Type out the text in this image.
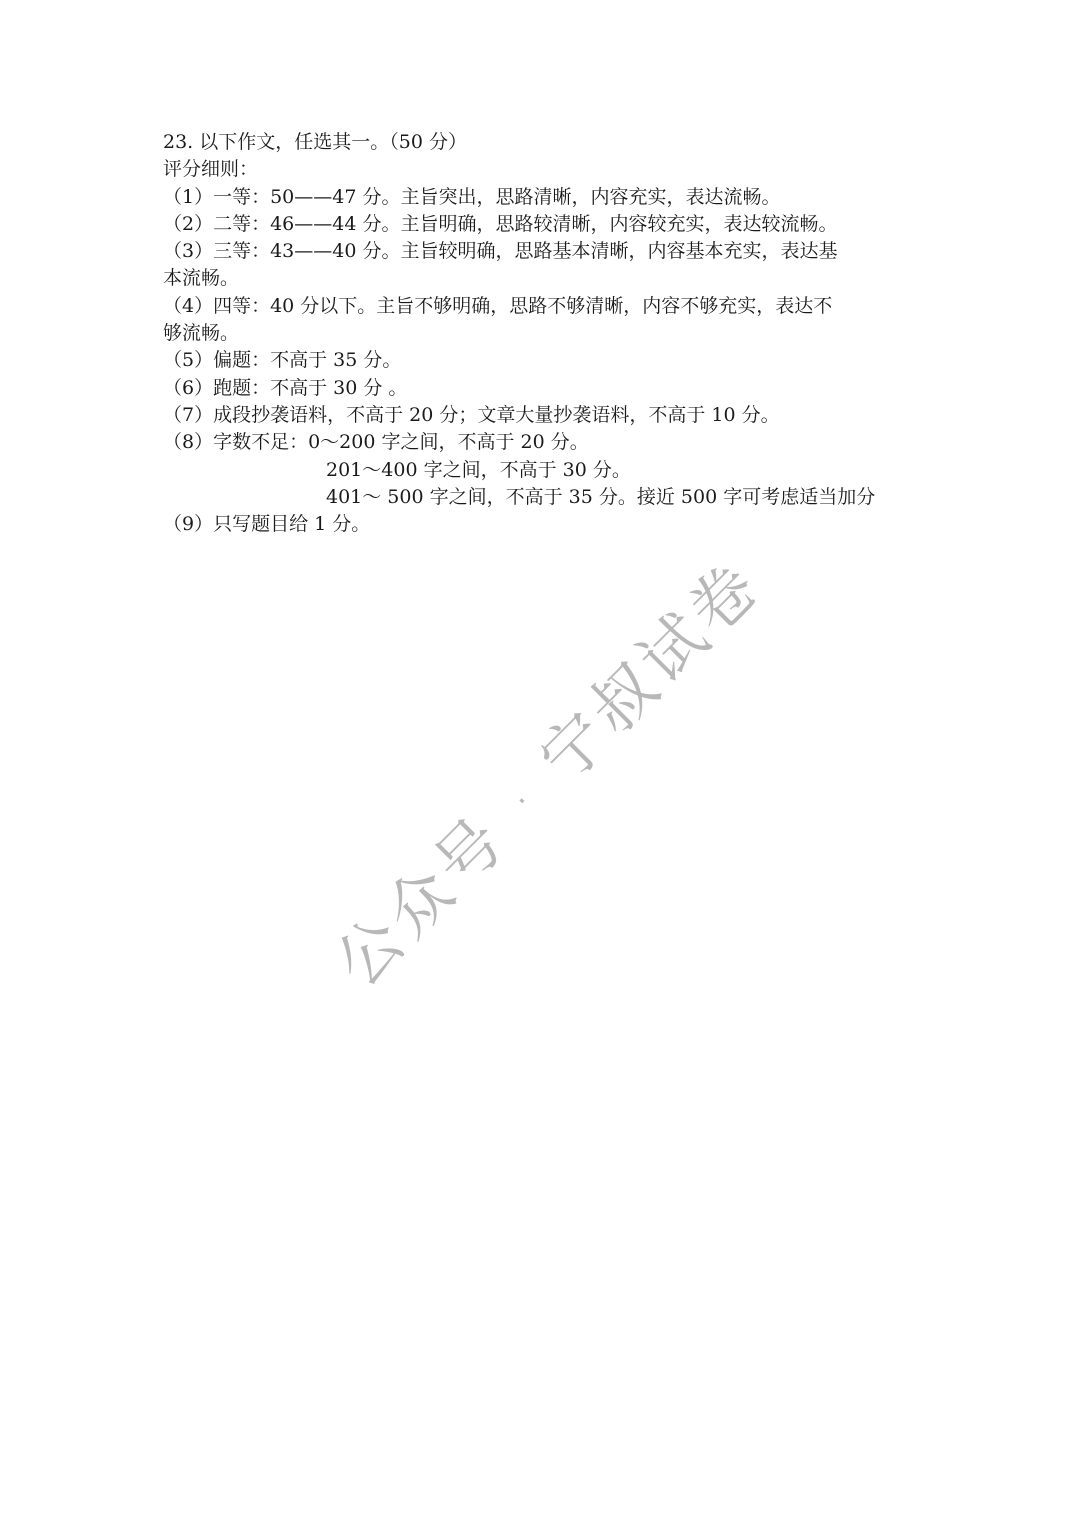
23. 以下作文，任选其一。（50 分）
评分细则：
（1）一等：50——47 分。主旨突出，思路清晰，内容充实，表达流畅。
（2）二等：46——44 分。主旨明确，思路较清晰，内容较充实，表达较流畅。
（3）三等：43——40 分。主旨较明确，思路基本清晰，内容基本充实，表达基
本流畅。
（4）四等：40 分以下。主旨不够明确，思路不够清晰，内容不够充实，表达不
够流畅。
（5）偏题：不高于 35 分。
（6）跑题：不高于 30 分 。
（7）成段抄袭语料，不高于 20 分；文章大量抄袭语料，不高于 10 分。
（8）字数不足：0～200 字之间，不高于 20 分。
201～400 字之间，不高于 30 分。
401～ 500 字之间，不高于 35 分。接近 500 字可考虑适当加分
（9）只写题目给 1 分。
公众号 · 宁叔试卷
